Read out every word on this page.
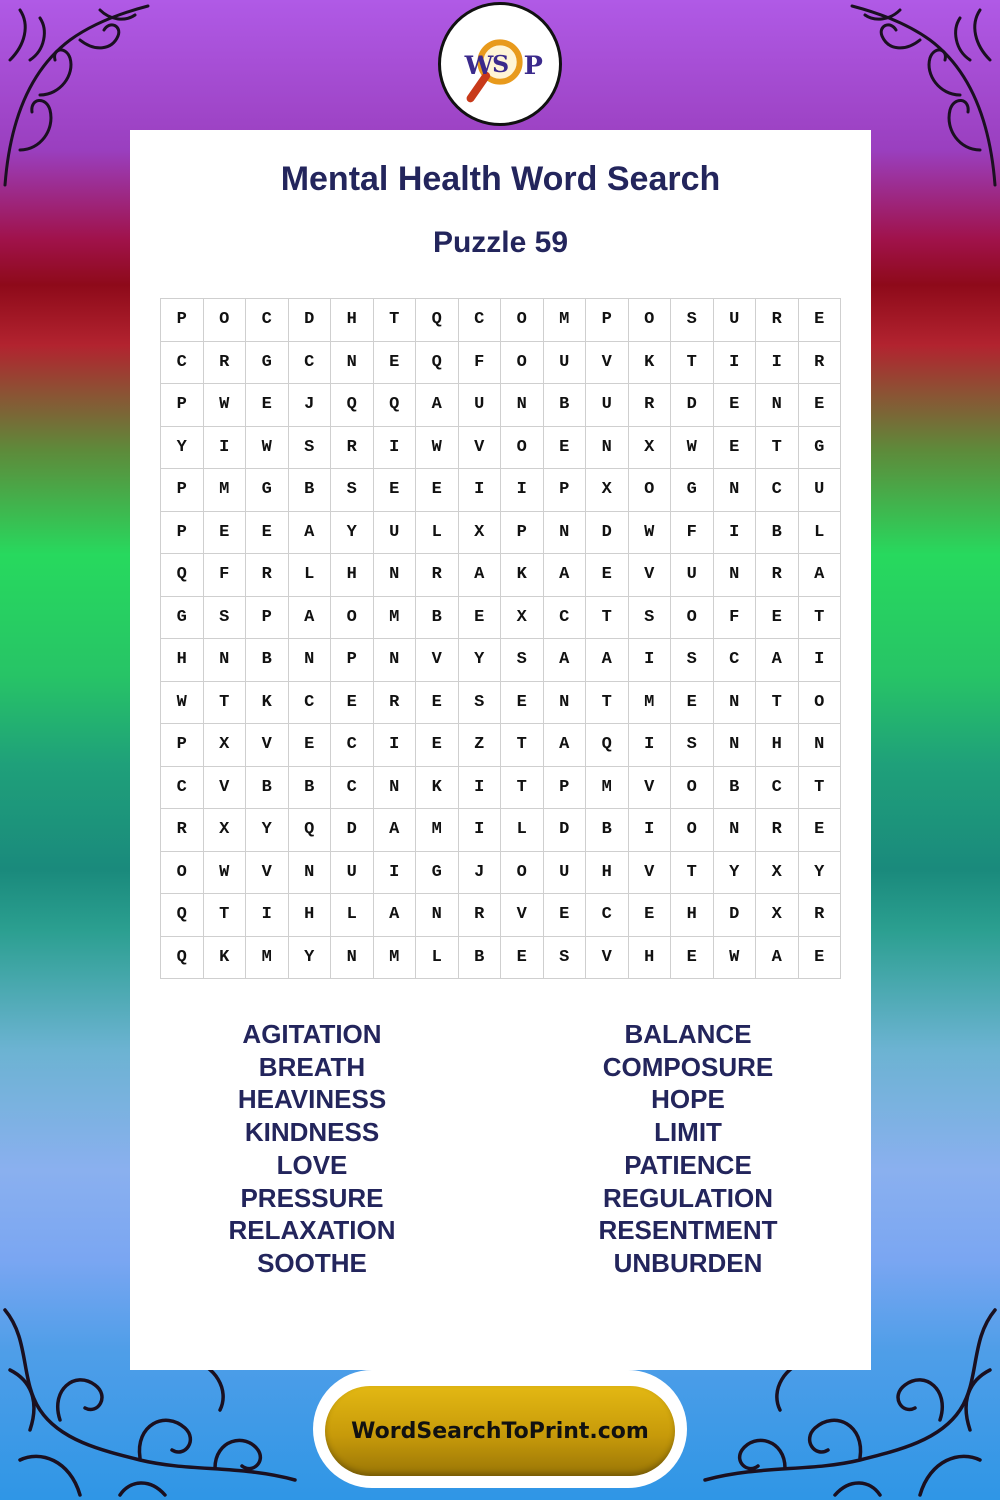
W
S P
Mental Health Word Search
Puzzle 59
P	O	C	D	H	T	Q	C	O	M	P	O	S	U	R	E
C	R	G	C	N	E	Q	F	O	U	V	K	T	I	I	R
P	W	E	J	Q	Q	A	U	N	B	U	R	D	E	N	E
Y	I	W	S	R	I	W	V	O	E	N	X	W	E	T	G
P	M	G	B	S	E	E	I	I	P	X	O	G	N	C	U
P	E	E	A	Y	U	L	X	P	N	D	W	F	I	B	L
Q	F	R	L	H	N	R	A	K	A	E	V	U	N	R	A
G	S	P	A	O	M	B	E	X	C	T	S	O	F	E	T
H	N	B	N	P	N	V	Y	S	A	A	I	S	C	A	I
W	T	K	C	E	R	E	S	E	N	T	M	E	N	T	O
P	X	V	E	C	I	E	Z	T	A	Q	I	S	N	H	N
C	V	B	B	C	N	K	I	T	P	M	V	O	B	C	T
R	X	Y	Q	D	A	M	I	L	D	B	I	O	N	R	E
O	W	V	N	U	I	G	J	O	U	H	V	T	Y	X	Y
Q	T	I	H	L	A	N	R	V	E	C	E	H	D	X	R
Q	K	M	Y	N	M	L	B	E	S	V	H	E	W	A	E
AGITATION
BREATH
HEAVINESS
KINDNESS
LOVE
PRESSURE
RELAXATION
SOOTHE
BALANCE
COMPOSURE
HOPE
LIMIT
PATIENCE
REGULATION
RESENTMENT
UNBURDEN
WordSearchToPrint.com
